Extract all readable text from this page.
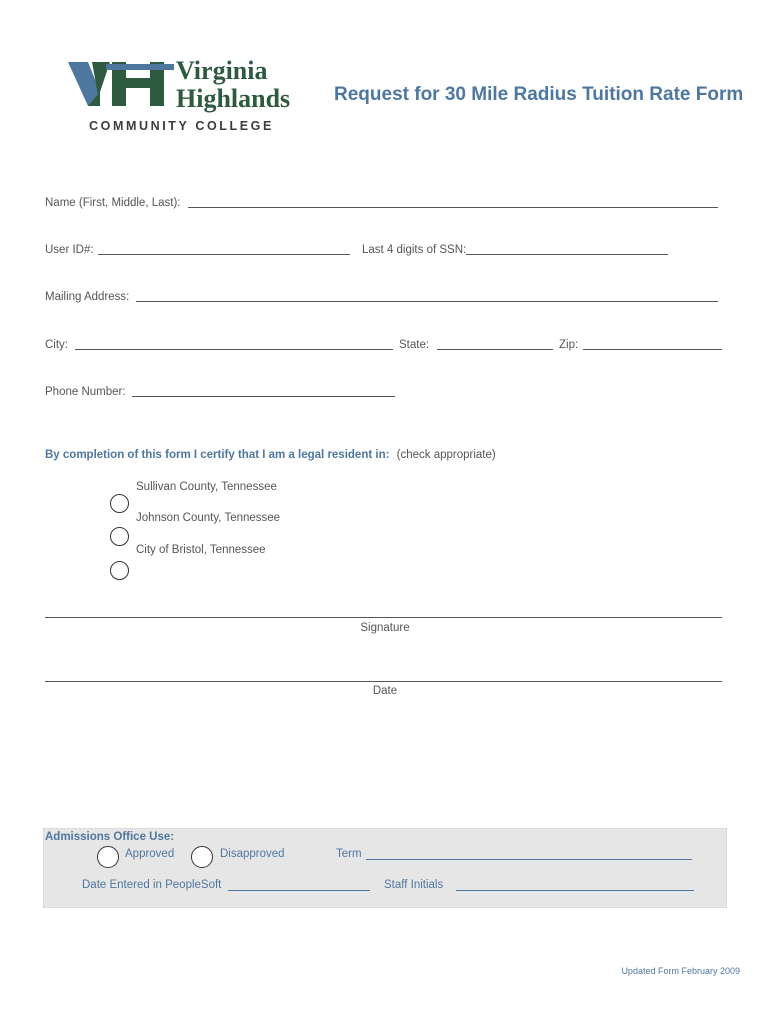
Virginia
Highlands
COMMUNITY COLLEGE
Request for 30 Mile Radius Tuition Rate Form
Name (First, Middle, Last):
User ID#:	Last 4 digits of SSN:
Mailing Address:
City:	State:	Zip:
Phone Number:
By completion of this form I certify that I am a legal resident in: (check appropriate)
Sullivan County, Tennessee
Johnson County, Tennessee
City of Bristol, Tennessee
Signature
Date
Admissions Office Use:
Approved	Disapproved	Term
Date Entered in PeopleSoft	Staff Initials
Updated Form February 2009
